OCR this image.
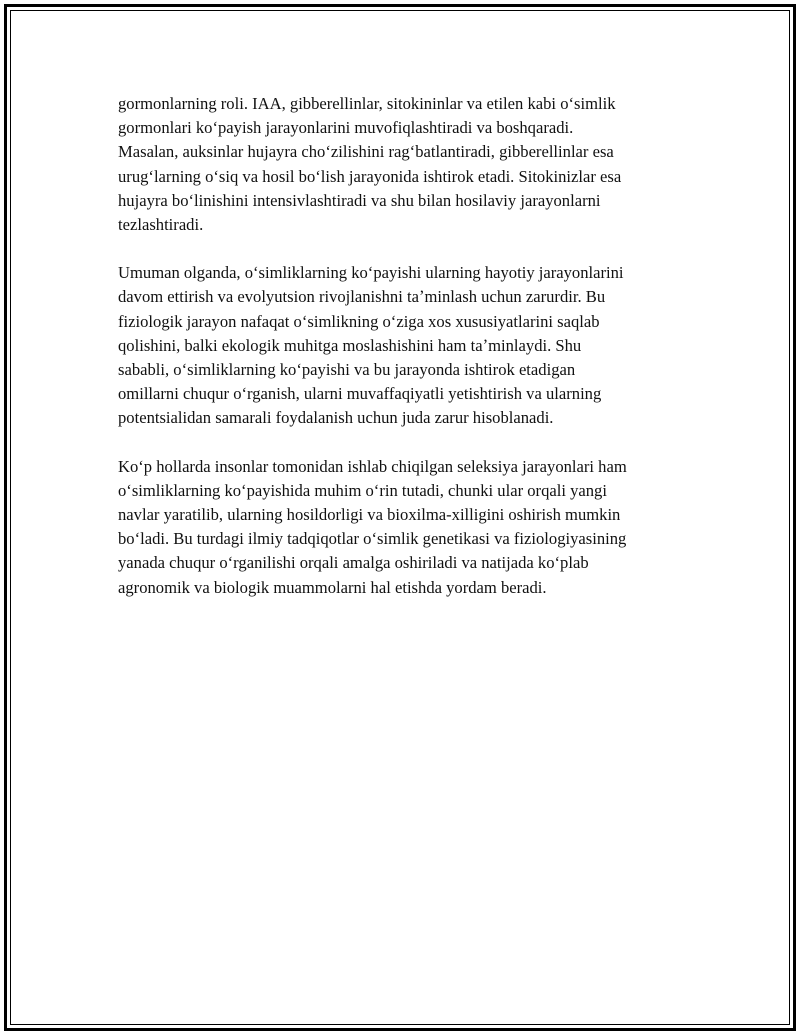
gormonlarning roli. IAA, gibberellinlar, sitokininlar va etilen kabi oʻsimlik
gormonlari koʻpayish jarayonlarini muvofiqlashtiradi va boshqaradi.
Masalan, auksinlar hujayra choʻzilishini ragʻbatlantiradi, gibberellinlar esa
urugʻlarning oʻsiq va hosil boʻlish jarayonida ishtirok etadi. Sitokinizlar esa
hujayra boʻlinishini intensivlashtiradi va shu bilan hosilaviy jarayonlarni
tezlashtiradi.

Umuman olganda, oʻsimliklarning koʻpayishi ularning hayotiy jarayonlarini
davom ettirish va evolyutsion rivojlanishni taʼminlash uchun zarurdir. Bu
fiziologik jarayon nafaqat oʻsimlikning oʻziga xos xususiyatlarini saqlab
qolishini, balki ekologik muhitga moslashishini ham taʼminlaydi. Shu
sababli, oʻsimliklarning koʻpayishi va bu jarayonda ishtirok etadigan
omillarni chuqur oʻrganish, ularni muvaffaqiyatli yetishtirish va ularning
potentsialidan samarali foydalanish uchun juda zarur hisoblanadi.

Koʻp hollarda insonlar tomonidan ishlab chiqilgan seleksiya jarayonlari ham
oʻsimliklarning koʻpayishida muhim oʻrin tutadi, chunki ular orqali yangi
navlar yaratilib, ularning hosildorligi va bioxilma-xilligini oshirish mumkin
boʻladi. Bu turdagi ilmiy tadqiqotlar oʻsimlik genetikasi va fiziologiyasining
yanada chuqur oʻrganilishi orqali amalga oshiriladi va natijada koʻplab
agronomik va biologik muammolarni hal etishda yordam beradi.
